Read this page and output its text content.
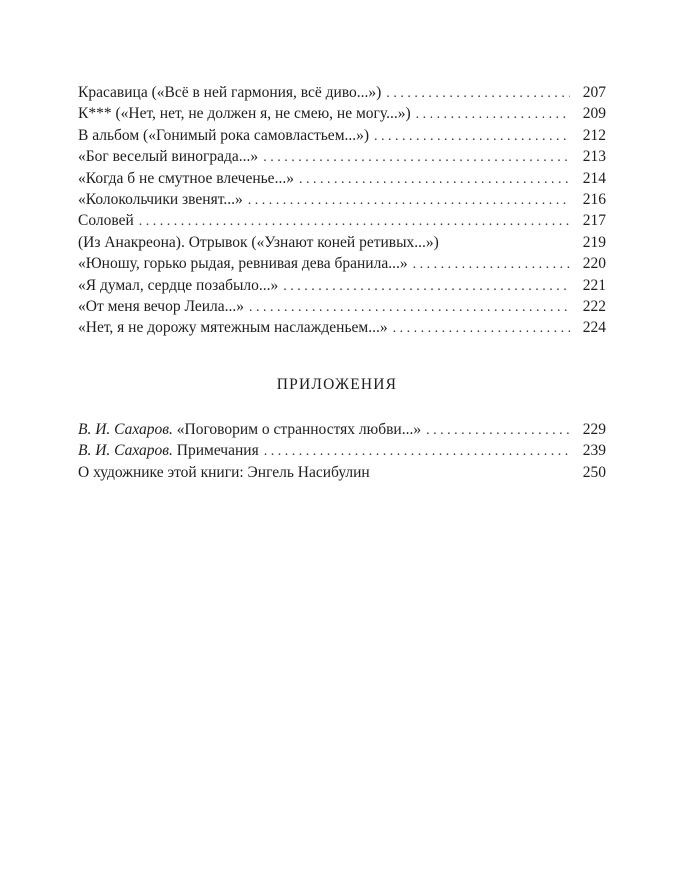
Красавица («Всё в ней гармония, всё диво...») . . .	207
К*** («Нет, нет, не должен я, не смею, не могу...») . . .	209
В альбом («Гонимый рока самовластьем...») . . .	212
«Бог веселый винограда...» . . .	213
«Когда б не смутное влеченье...» . . .	214
«Колокольчики звенят...» . . .	216
Соловей . . .	217
(Из Анакреона). Отрывок («Узнают коней ретивых...»)	219
«Юношу, горько рыдая, ревнивая дева бранила...» . . .	220
«Я думал, сердце позабыло...» . . .	221
«От меня вечор Леила...» . . .	222
«Нет, я не дорожу мятежным наслажденьем...» . . .	224
ПРИЛОЖЕНИЯ
В. И. Сахаров. «Поговорим о странностях любви...» . . .	229
В. И. Сахаров. Примечания . . .	239
О художнике этой книги: Энгель Насибулин	250
